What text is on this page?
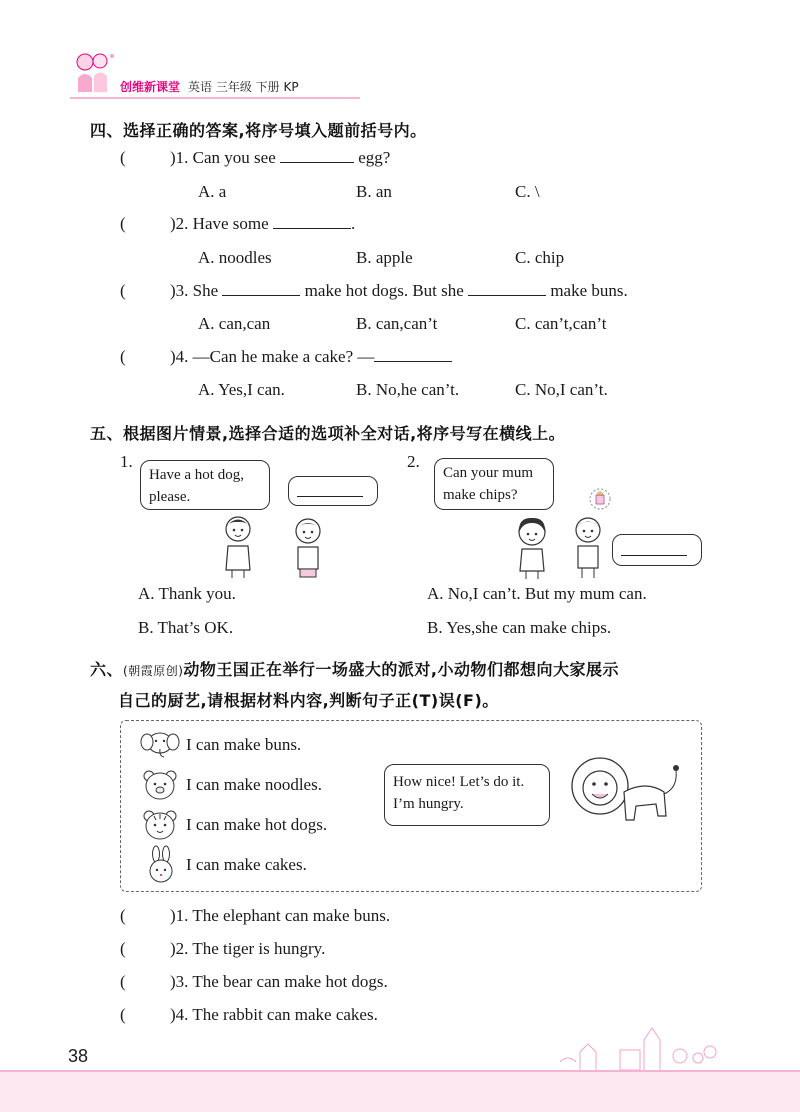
创维新课堂 英语 三年级 下册 KP
四、选择正确的答案,将序号填入题前括号内。
(	)1. Can you see	egg?
A. a	B. an	C. \
(	)2. Have some	.
A. noodles	B. apple	C. chip
(	)3. She	make hot dogs. But she	make buns.
A. can,can	B. can,can’t	C. can’t,can’t
(	)4. —Can he make a cake? —
A. Yes,I can.	B. No,he can’t.	C. No,I can’t.
五、根据图片情景,选择合适的选项补全对话,将序号写在横线上。
1.
Have a hot dog,
please.
2.
Can your mum
make chips?
A. Thank you.
B. That’s OK.
A. No,I can’t. But my mum can.
B. Yes,she can make chips.
六、(朝霞原创)动物王国正在举行一场盛大的派对,小动物们都想向大家展示
自己的厨艺,请根据材料内容,判断句子正(T)误(F)。
I can make buns.
I can make noodles.
I can make hot dogs.
I can make cakes.
How nice! Let’s do it.
I’m hungry.
(	)1. The elephant can make buns.
(	)2. The tiger is hungry.
(	)3. The bear can make hot dogs.
(	)4. The rabbit can make cakes.
38
